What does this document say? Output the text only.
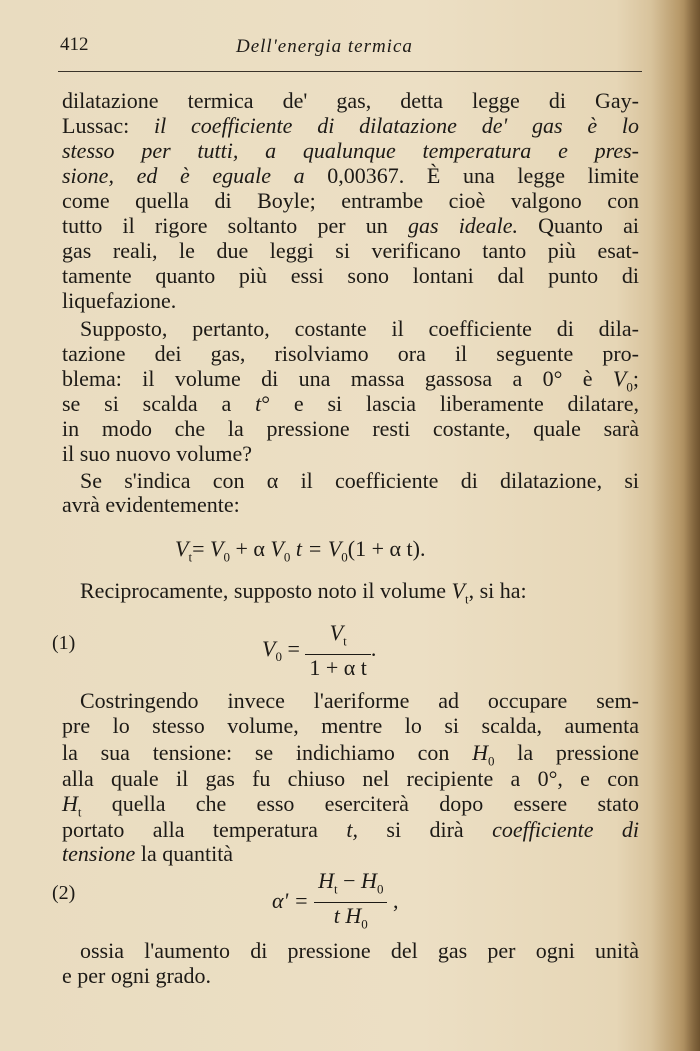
412	Dell'energia termica
dilatazione termica de' gas, detta legge di Gay-
Lussac: il coefficiente di dilatazione de' gas è lo
stesso per tutti, a qualunque temperatura e pres-
sione, ed è eguale a 0,00367. È una legge limite
come quella di Boyle; entrambe cioè valgono con
tutto il rigore soltanto per un gas ideale. Quanto ai
gas reali, le due leggi si verificano tanto più esat-
tamente quanto più essi sono lontani dal punto di
liquefazione.
Supposto, pertanto, costante il coefficiente di dila-
tazione dei gas, risolviamo ora il seguente pro-
blema: il volume di una massa gassosa a 0° è $V_0$;
se si scalda a t° e si lascia liberamente dilatare,
in modo che la pressione resti costante, quale sarà
il suo nuovo volume?
Se s'indica con α il coefficiente di dilatazione, si
avrà evidentemente:
Reciprocamente, supposto noto il volume $V_t$, si ha:
Costringendo invece l'aeriforme ad occupare sem-
pre lo stesso volume, mentre lo si scalda, aumenta
la sua tensione: se indichiamo con $H_0$ la pressione
alla quale il gas fu chiuso nel recipiente a 0°, e con
$H_t$ quella che esso eserciterà dopo essere stato
portato alla temperatura t, si dirà coefficiente di
tensione la quantità
ossia l'aumento di pressione del gas per ogni unità
e per ogni grado.
$V_t= V_0 + \alpha$ $V_0$ $t = V_0(1 + \alpha$ t).
(1)	$V_0 = \frac{V_t}{\text{1 + α t}}$ .
(2)	$\alpha' = \frac{H_t - H_0}{t H_0}$ ,
